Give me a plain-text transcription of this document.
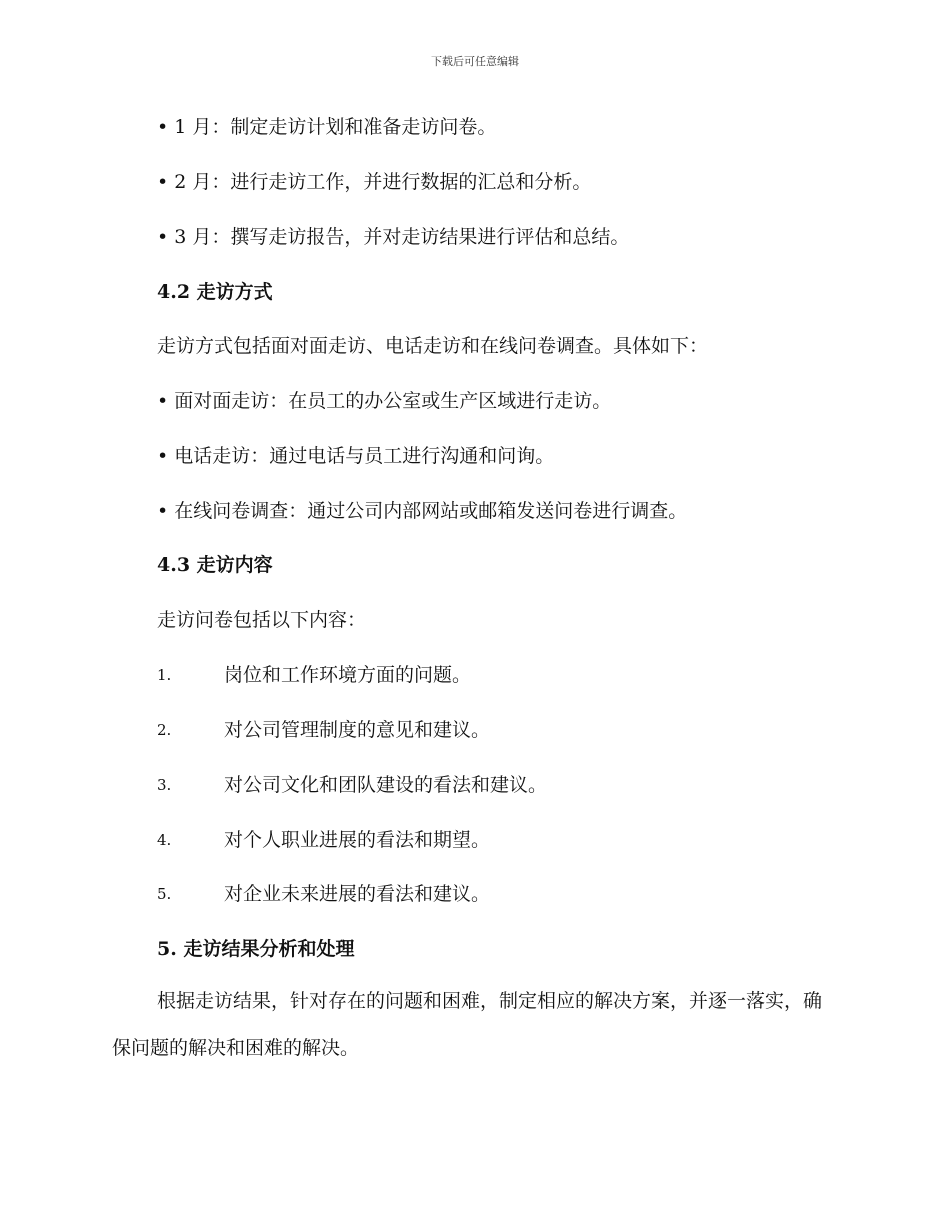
下载后可任意编辑
• 1 月：制定走访计划和准备走访问卷。
• 2 月：进行走访工作，并进行数据的汇总和分析。
• 3 月：撰写走访报告，并对走访结果进行评估和总结。
4.2 走访方式
走访方式包括面对面走访、电话走访和在线问卷调查。具体如下：
• 面对面走访：在员工的办公室或生产区域进行走访。
• 电话走访：通过电话与员工进行沟通和问询。
• 在线问卷调查：通过公司内部网站或邮箱发送问卷进行调查。
4.3 走访内容
走访问卷包括以下内容：
1.	岗位和工作环境方面的问题。
2.	对公司管理制度的意见和建议。
3.	对公司文化和团队建设的看法和建议。
4.	对个人职业进展的看法和期望。
5.	对企业未来进展的看法和建议。
5. 走访结果分析和处理

根据走访结果，针对存在的问题和困难，制定相应的解决方案，并逐一落实，确保问题的解决和困难的解决。
